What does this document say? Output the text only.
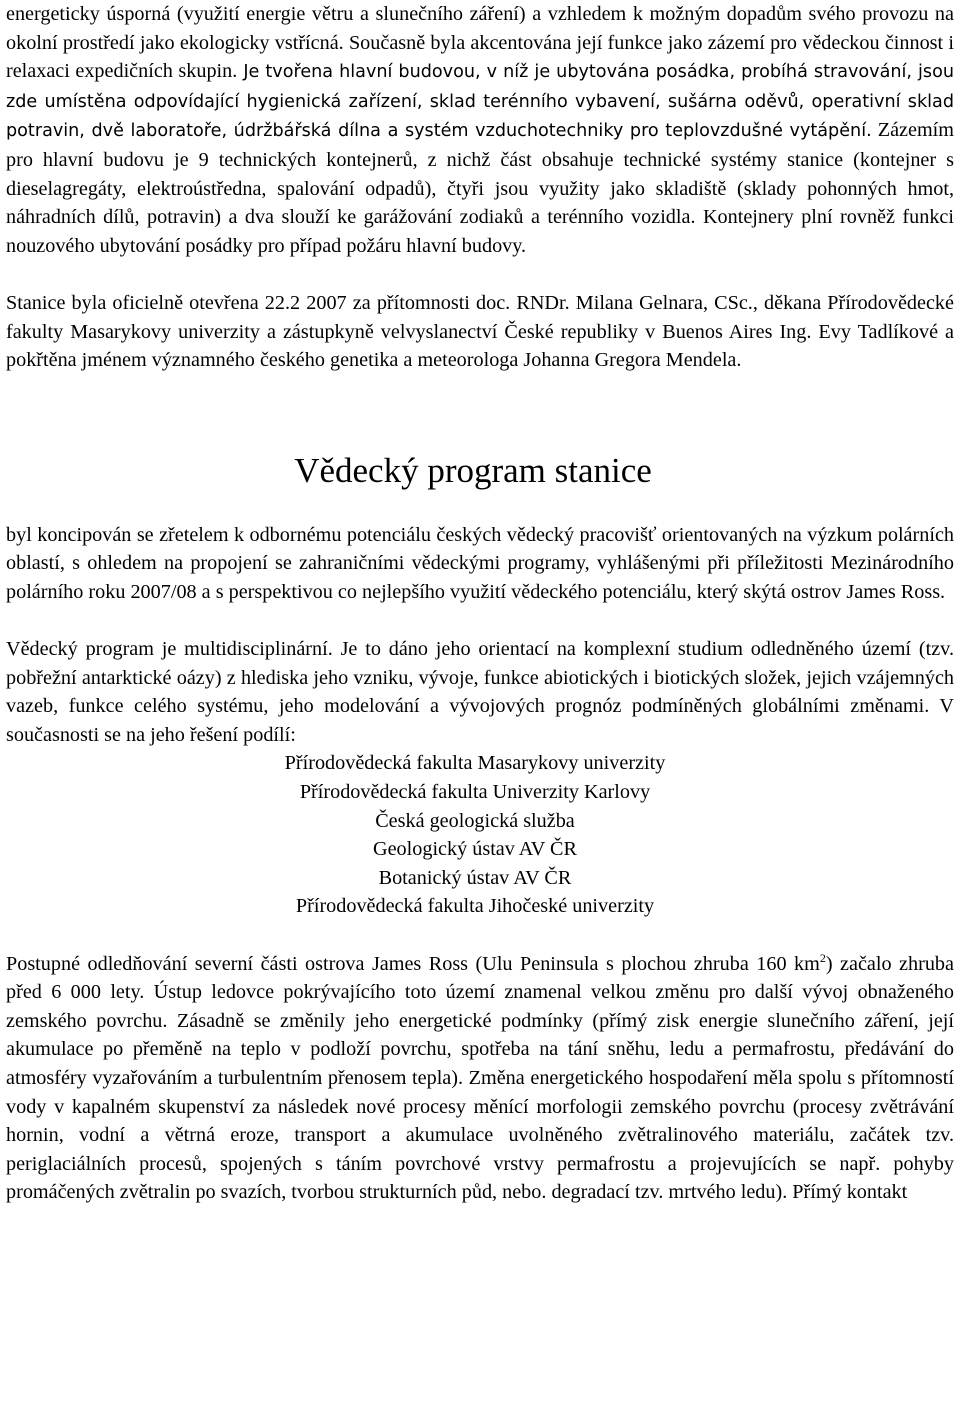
energeticky úsporná (využití energie větru a slunečního záření) a vzhledem k možným dopadům svého provozu na okolní prostředí jako ekologicky vstřícná. Současně byla akcentována její funkce jako zázemí pro vědeckou činnost i relaxaci expedičních skupin. Je tvořena hlavní budovou, v níž je ubytována posádka, probíhá stravování, jsou zde umístěna odpovídající hygienická zařízení, sklad terénního vybavení, sušárna oděvů, operativní sklad potravin, dvě laboratoře, údržbářská dílna a systém vzduchotechniky pro teplovzdušné vytápění. Zázemím pro hlavní budovu je 9 technických kontejnerů, z nichž část obsahuje technické systémy stanice (kontejner s dieselagregáty, elektroústředna, spalování odpadů), čtyři jsou využity jako skladiště (sklady pohonných hmot, náhradních dílů, potravin) a dva slouží ke garážování zodiaků a terénního vozidla. Kontejnery plní rovněž funkci nouzového ubytování posádky pro případ požáru hlavní budovy.

Stanice byla oficielně otevřena 22.2 2007 za přítomnosti doc. RNDr. Milana Gelnara, CSc., děkana Přírodovědecké fakulty Masarykovy univerzity a zástupkyně velvyslanectví České republiky v Buenos Aires Ing. Evy Tadlíkové a pokřtěna jménem významného českého genetika a meteorologa Johanna Gregora Mendela.

Vědecký program stanice

byl koncipován se zřetelem k odbornému potenciálu českých vědecký pracovišť orientovaných na výzkum polárních oblastí, s ohledem na propojení se zahraničními vědeckými programy, vyhlášenými při příležitosti Mezinárodního polárního roku 2007/08 a s perspektivou co nejlepšího využití vědeckého potenciálu, který skýtá ostrov James Ross.

Vědecký program je multidisciplinární. Je to dáno jeho orientací na komplexní studium odledněného území (tzv. pobřežní antarktické oázy) z hlediska jeho vzniku, vývoje, funkce abiotických i biotických složek, jejich vzájemných vazeb, funkce celého systému, jeho modelování a vývojových prognóz podmíněných globálními změnami. V současnosti se na jeho řešení podílí:

Přírodovědecká fakulta Masarykovy univerzity
Přírodovědecká fakulta Univerzity Karlovy
Česká geologická služba
Geologický ústav AV ČR
Botanický ústav AV ČR
Přírodovědecká fakulta Jihočeské univerzity

Postupné odledňování severní části ostrova James Ross (Ulu Peninsula s plochou zhruba 160 $km^2$) začalo zhruba před 6 000 lety. Ústup ledovce pokrývajícího toto území znamenal velkou změnu pro další vývoj obnaženého zemského povrchu. Zásadně se změnily jeho energetické podmínky (přímý zisk energie slunečního záření, její akumulace po přeměně na teplo v podloží povrchu, spotřeba na tání sněhu, ledu a permafrostu, předávání do atmosféry vyzařováním a turbulentním přenosem tepla). Změna energetického hospodaření měla spolu s přítomností vody v kapalném skupenství za následek nové procesy měnící morfologii zemského povrchu (procesy zvětrávání hornin, vodní a větrná eroze, transport a akumulace uvolněného zvětralinového materiálu, začátek tzv. periglaciálních procesů, spojených s táním povrchové vrstvy permafrostu a projevujících se např. pohyby promáčených zvětralin po svazích, tvorbou strukturních půd, nebo. degradací tzv. mrtvého ledu). Přímý kontakt
